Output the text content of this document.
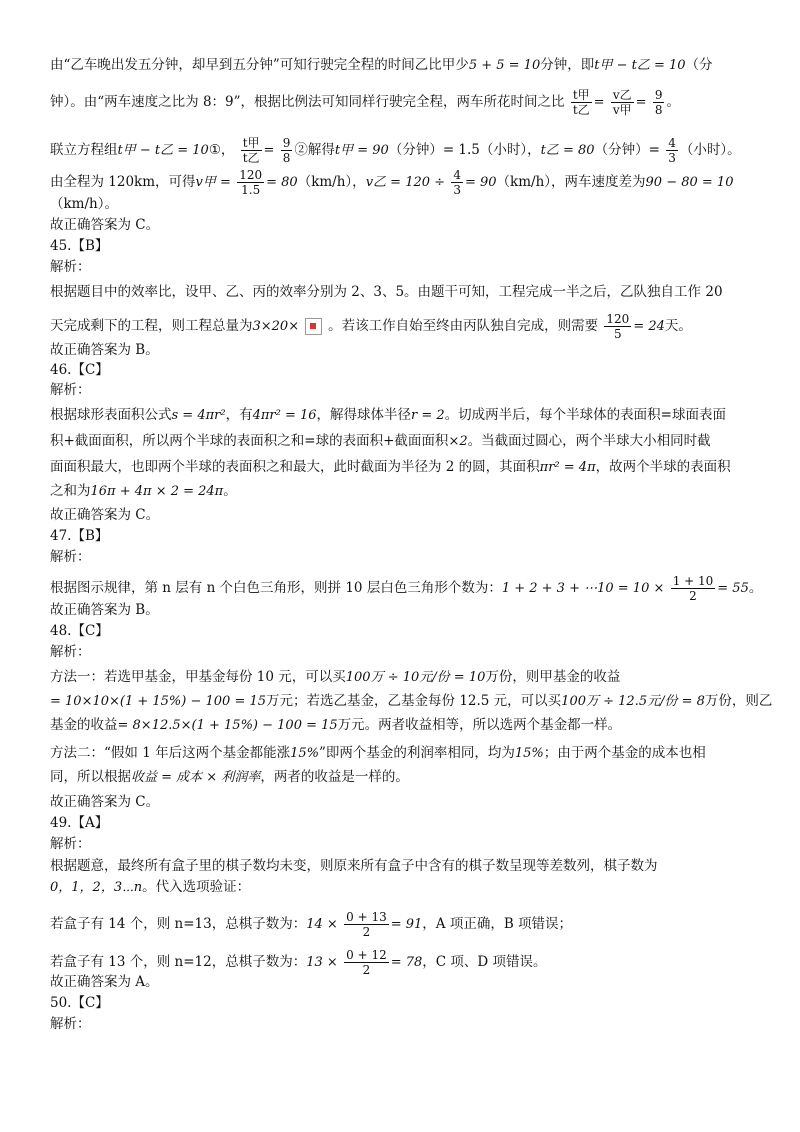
由“乙车晚出发五分钟，却早到五分钟”可知行驶完全程的时间乙比甲少5 + 5 = 10分钟，即t甲 − t乙 = 10（分
钟）。由“两车速度之比为 8：9”，根据比例法可知同样行驶完全程，两车所花时间之比 $\frac{\text{t甲}}{\text{t乙}} = \frac{\text{v乙}}{\text{v甲}} = \frac{9}{8}$ 。
联立方程组t甲 − t乙 = 10①， $\frac{\text{t甲}}{\text{t乙}} = \frac{9}{8}$ ②解得t甲 = 90（分钟）= 1.5（小时），t乙 = 80（分钟）= $\frac{4}{3}$ （小时）。
由全程为 120km，可得v甲 = $\frac{120}{1.5} = 80(km/h)$，v乙 = $120 \div \frac{4}{3} = 90(km/h)$，两车速度差为90 − 80 = 10
（km/h）。
故正确答案为 C。
45.【B】
解析：
根据题目中的效率比，设甲、乙、丙的效率分别为 2、3、5。由题干可知，工程完成一半之后，乙队独自工作 20
天完成剩下的工程，则工程总量为3×20× 。若该工作自始至终由丙队独自完成，则需要 $\frac{120}{5} = 24$天。
故正确答案为 B。
46.【C】
解析：
根据球形表面积公式s = 4πr²，有4πr² = 16，解得球体半径r = 2。切成两半后，每个半球体的表面积=球面表面
积+截面面积，所以两个半球的表面积之和=球的表面积+截面面积×2。当截面过圆心，两个半球大小相同时截
面面积最大，也即两个半球的表面积之和最大，此时截面为半径为 2 的圆，其面积πr² = 4π，故两个半球的表面积
之和为16π + 4π × 2 = 24π。
故正确答案为 C。
47.【B】
解析：
根据图示规律，第 n 层有 n 个白色三角形，则拼 10 层白色三角形个数为：1 + 2 + 3 + ⋯10 = $10 \times \frac{1 + 10}{2} = 55$。
故正确答案为 B。
48.【C】
解析：
方法一：若选甲基金，甲基金每份 10 元，可以买100万 ÷ 10元/份 = 10万份，则甲基金的收益
= 10×10×(1 + 15%) − 100 = 15万元；若选乙基金，乙基金每份 12.5 元，可以买100万 ÷ 12.5元/份 = 8万份，则乙
基金的收益= 8×12.5×(1 + 15%) − 100 = 15万元。两者收益相等，所以选两个基金都一样。
方法二：“假如 1 年后这两个基金都能涨15%”即两个基金的利润率相同，均为15%；由于两个基金的成本也相
同，所以根据收益 = 成本 × 利润率，两者的收益是一样的。
故正确答案为 C。
49.【A】
解析：
根据题意，最终所有盒子里的棋子数均未变，则原来所有盒子中含有的棋子数呈现等差数列，棋子数为
0，1，2，3⋯n。代入选项验证：
若盒子有 14 个，则 n=13，总棋子数为：$14 \times \frac{0 + 13}{2} = 91$，A 项正确，B 项错误；
若盒子有 13 个，则 n=12，总棋子数为：$13 \times \frac{0 + 12}{2} = 78$，C 项、D 项错误。
故正确答案为 A。
50.【C】
解析：
